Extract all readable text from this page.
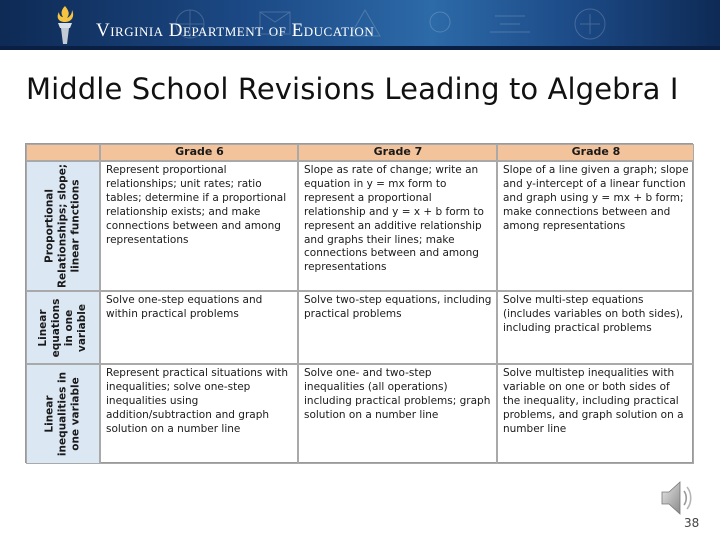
Virginia Department of Education
Middle School Revisions Leading to Algebra I
Grade 6	Grade 7	Grade 8
Proportional
Relationships; slope;
linear functions
Represent proportional relationships; unit rates; ratio tables; determine if a proportional relationship exists; and make connections between and among representations
Slope as rate of change; write an equation in y = mx form to represent a proportional relationship and y = x + b form to represent an additive relationship and graphs their lines; make connections between and among representations
Slope of a line given a graph; slope and y-intercept of a linear function and graph using y = mx + b form; make connections between and among representations
Linear
equations
in one
variable
Solve one-step equations and within practical problems
Solve two-step equations, including practical problems
Solve multi-step equations (includes variables on both sides), including practical problems
Linear
inequalities in
one variable
Represent practical situations with inequalities; solve one-step inequalities using addition/subtraction and graph solution on a number line
Solve one- and two-step inequalities (all operations) including practical problems; graph solution on a number line
Solve multistep inequalities with variable on one or both sides of the inequality, including practical problems, and graph solution on a number line
38
